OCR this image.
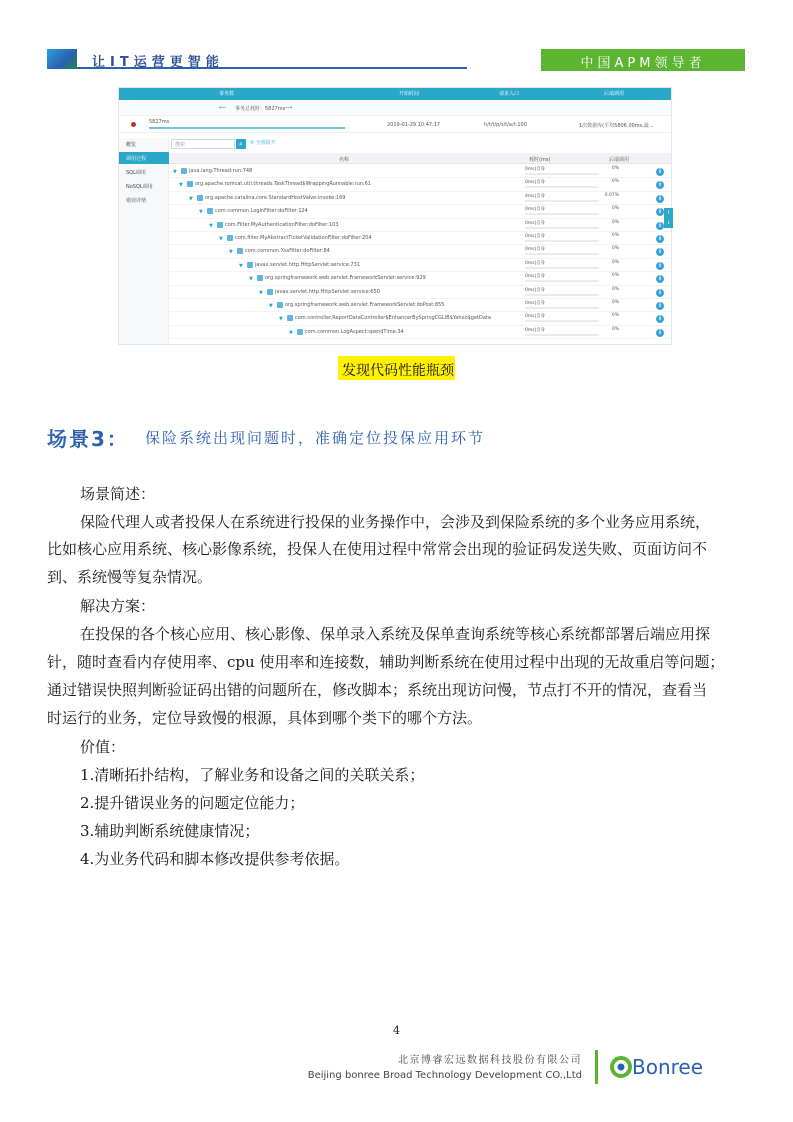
让IT运营更智能	中国APM领导者
事务数	开始时间	请求入口	后端调用
⟵ 事务总耗时：5827ms ⟶
5827ms	2019-01-29 10:47:17	h/t/t/p/s/t/a/t:100	1次数据库(平均5806.00ms,最...
概览
调用过程
SQL调用
NoSQL调用
错误详情
搜索	⌕	⟳ 全部展开
名称	耗时(ms)	后端调用
▼ java.lang.Thread:run:748	0ms|自身	0%	i
▼ org.apache.tomcat.util.threads.TaskThread$WrappingRunnable:run:61	0ms|自身	0%	i
▼ org.apache.catalina.core.StandardHostValve:invoke:169	4ms|自身	0.07%	i
▼ com.common.LoginFilter:doFilter:124	0ms|自身	0%	i
▼ com.Filter.MyAuthenticationFilter:doFilter:103	0ms|自身	0%	i
▼ com.filter.MyAbstractTicketValidationFilter:doFilter:204	0ms|自身	0%	i
▼ com.common.XssFilter:doFilter:84	0ms|自身	0%	i
▼ javax.servlet.http.HttpServlet:service:731	0ms|自身	0%	i
▼ org.springframework.web.servlet.FrameworkServlet:service:929	0ms|自身	0%	i
▼ javax.servlet.http.HttpServlet:service:650	0ms|自身	0%	i
▼ org.springframework.web.servlet.FrameworkServlet:doPost:855	0ms|自身	0%	i
▼ com.controller.ReportDataController$EnhancerBySpringCGLIB$Yahoo$getData	0ms|自身	0%	i
▼ com.common.LogAspect:spendTime:34	0ms|自身	0%	i
↑
↓
发现代码性能瓶颈
场景3： 保险系统出现问题时，准确定位投保应用环节
场景简述：
保险代理人或者投保人在系统进行投保的业务操作中，会涉及到保险系统的多个业务应用系统，
比如核心应用系统、核心影像系统，投保人在使用过程中常常会出现的验证码发送失败、页面访问不
到、系统慢等复杂情况。
解决方案：
在投保的各个核心应用、核心影像、保单录入系统及保单查询系统等核心系统都部署后端应用探
针，随时查看内存使用率、cpu 使用率和连接数，辅助判断系统在使用过程中出现的无故重启等问题；
通过错误快照判断验证码出错的问题所在，修改脚本；系统出现访问慢，节点打不开的情况，查看当
时运行的业务，定位导致慢的根源，具体到哪个类下的哪个方法。
价值：
1.清晰拓扑结构，了解业务和设备之间的关联关系；
2.提升错误业务的问题定位能力；
3.辅助判断系统健康情况；
4.为业务代码和脚本修改提供参考依据。
4
北京博睿宏远数据科技股份有限公司
Beijing bonree Broad Technology Development CO.,Ltd	Bonree
